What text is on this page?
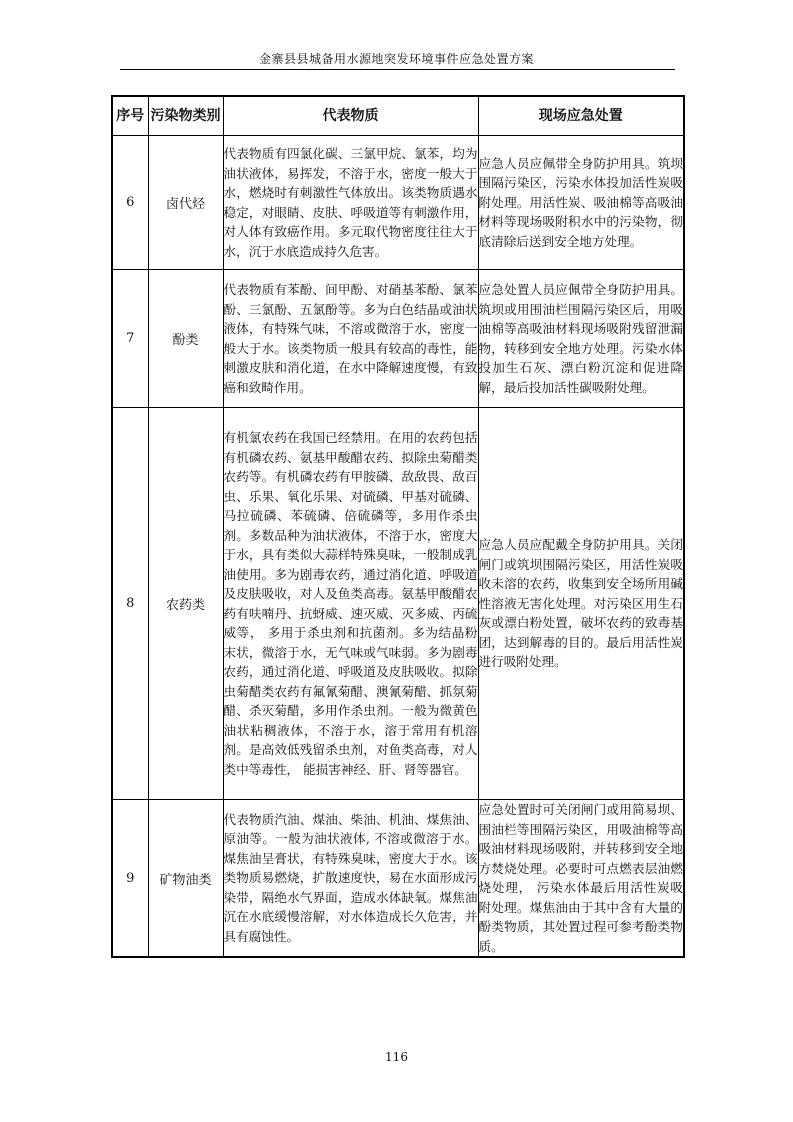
金寨县县城备用水源地突发环境事件应急处置方案
序号	污染物类别	代表物质	现场应急处置
6	卤代烃	代表物质有四氯化碳、三氯甲烷、氯苯，均为油状液体，易挥发，不溶于水，密度一般大于水，燃烧时有刺激性气体放出。该类物质遇水稳定，对眼睛、皮肤、呼吸道等有刺激作用，对人体有致癌作用。多元取代物密度往往大于水，沉于水底造成持久危害。	应急人员应佩带全身防护用具。筑坝围隔污染区，污染水体投加活性炭吸附处理。用活性炭、吸油棉等高吸油材料等现场吸附积水中的污染物，彻底清除后送到安全地方处理。
7	酚类	代表物质有苯酚、间甲酚、对硝基苯酚、氯苯酚、三氯酚、五氯酚等。多为白色结晶或油状液体，有特殊气味，不溶或微溶于水，密度一般大于水。该类物质一般具有较高的毒性，能刺激皮肤和消化道，在水中降解速度慢，有致癌和致畸作用。	应急处置人员应佩带全身防护用具。筑坝或用围油栏围隔污染区后，用吸油棉等高吸油材料现场吸附残留泄漏物，转移到安全地方处理。污染水体投加生石灰、漂白粉沉淀和促进降解，最后投加活性碳吸附处理。
8	农药类	有机氯农药在我国已经禁用。在用的农药包括有机磷农药、氨基甲酸醋农药、拟除虫菊醋类农药等。有机磷农药有甲胺磷、敌敌畏、敌百虫、乐果、氧化乐果、对硫磷、甲基对硫磷、马拉硫磷、苯硫磷、倍硫磷等，多用作杀虫剂。多数品种为油状液体，不溶于水，密度大于水，具有类似大蒜样特殊臭味，一般制成乳油使用。多为剧毒农药，通过消化道、呼吸道及皮肤吸收，对人及鱼类高毒。氨基甲酸醋农药有呋喃丹、抗蚜威、速灭威、灭多威、丙硫威等， 多用于杀虫剂和抗菌剂。多为结晶粉末状，微溶于水，无气味或气味弱。多为剧毒农药，通过消化道、呼吸道及皮肤吸收。拟除虫菊醋类农药有氟氰菊醋、澳氰菊醋、抓氛菊醋、杀灭菊醋，多用作杀虫剂。一般为微黄色油状粘稠液体，不溶于水，溶于常用有机溶剂。是高效低残留杀虫剂，对鱼类高毒，对人类中等毒性， 能损害神经、肝、肾等器官。	应急人员应配戴全身防护用具。关闭闸门或筑坝围隔污染区，用活性炭吸收未溶的农药，收集到安全场所用碱性溶液无害化处理。对污染区用生石灰或漂白粉处置，破坏农药的致毒基团，达到解毒的目的。最后用活性炭进行吸附处理。
9	矿物油类	代表物质汽油、煤油、柴油、机油、煤焦油、原油等。一般为油状液体, 不溶或微溶于水。煤焦油呈膏状，有特殊臭味，密度大于水。该类物质易燃烧，扩散速度快，易在水面形成污染带，隔绝水气界面，造成水体缺氧。煤焦油沉在水底缓慢溶解，对水体造成长久危害，并具有腐蚀性。	应急处置时可关闭闸门或用简易坝、围油栏等围隔污染区，用吸油棉等高吸油材料现场吸附，并转移到安全地方焚烧处理。必要时可点燃表层油燃烧处理， 污染水体最后用活性炭吸附处理。煤焦油由于其中含有大量的酚类物质，其处置过程可参考酚类物质。
116
